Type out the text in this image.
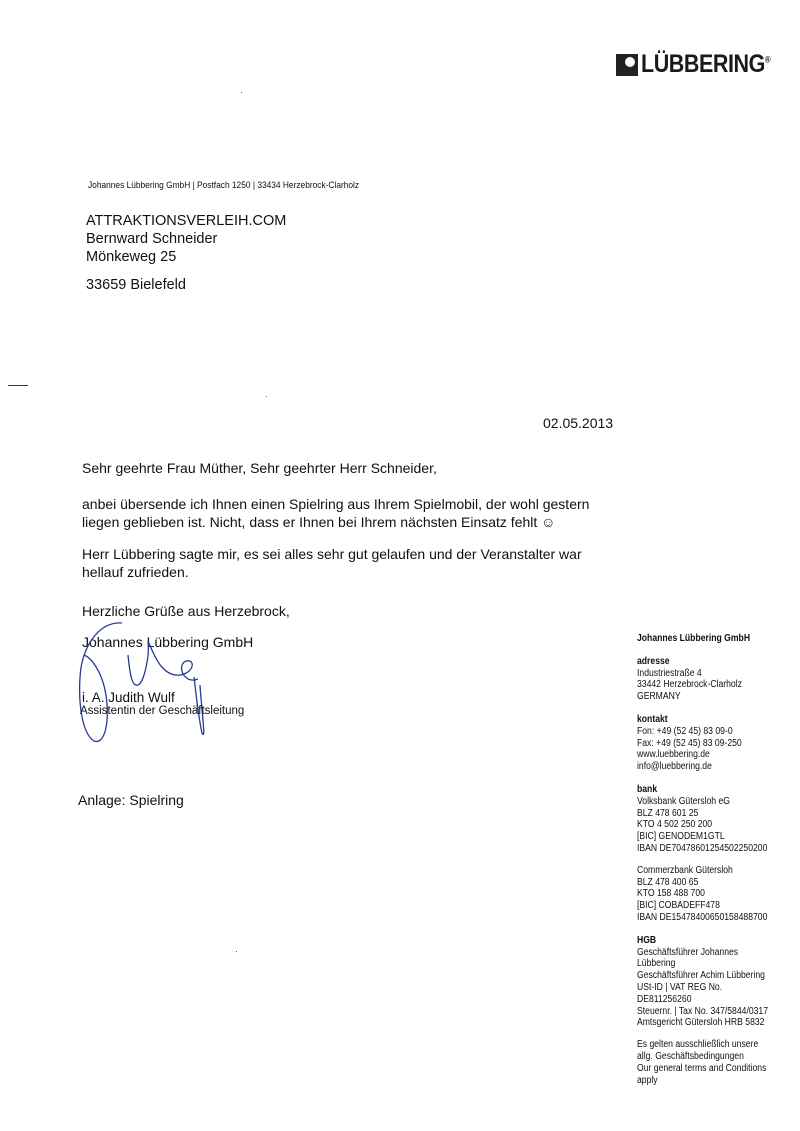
LÜBBERING®
Johannes Lübbering GmbH | Postfach 1250 | 33434 Herzebrock-Clarholz
ATTRAKTIONSVERLEIH.COM
Bernward Schneider
Mönkeweg 25
33659 Bielefeld
02.05.2013

Sehr geehrte Frau Müther, Sehr geehrter Herr Schneider,

anbei übersende ich Ihnen einen Spielring aus Ihrem Spielmobil, der wohl gestern liegen geblieben ist. Nicht, dass er Ihnen bei Ihrem nächsten Einsatz fehlt ☺

Herr Lübbering sagte mir, es sei alles sehr gut gelaufen und der Veranstalter war hellauf zufrieden.

Herzliche Grüße aus Herzebrock,

Johannes Lübbering GmbH

i. A. Judith Wulf
Assistentin der Geschäftsleitung
Anlage: Spielring
Johannes Lübbering GmbH
adresse
Industriestraße 4
33442 Herzebrock-Clarholz
GERMANY
kontakt
Fon: +49 (52 45) 83 09-0
Fax: +49 (52 45) 83 09-250
www.luebbering.de
info@luebbering.de
bank
Volksbank Gütersloh eG
BLZ 478 601 25
KTO 4 502 250 200
[BIC] GENODEM1GTL
IBAN DE70478601254502250200
Commerzbank Gütersloh
BLZ 478 400 65
KTO 158 488 700
[BIC] COBADEFF478
IBAN DE15478400650158488700
HGB
Geschäftsführer Johannes Lübbering
Geschäftsführer Achim Lübbering
USt-ID | VAT REG No. DE811256260
Steuernr. | Tax No. 347/5844/0317
Amtsgericht Gütersloh HRB 5832
Es gelten ausschließlich unsere
allg. Geschäftsbedingungen
Our general terms and Conditions
apply
